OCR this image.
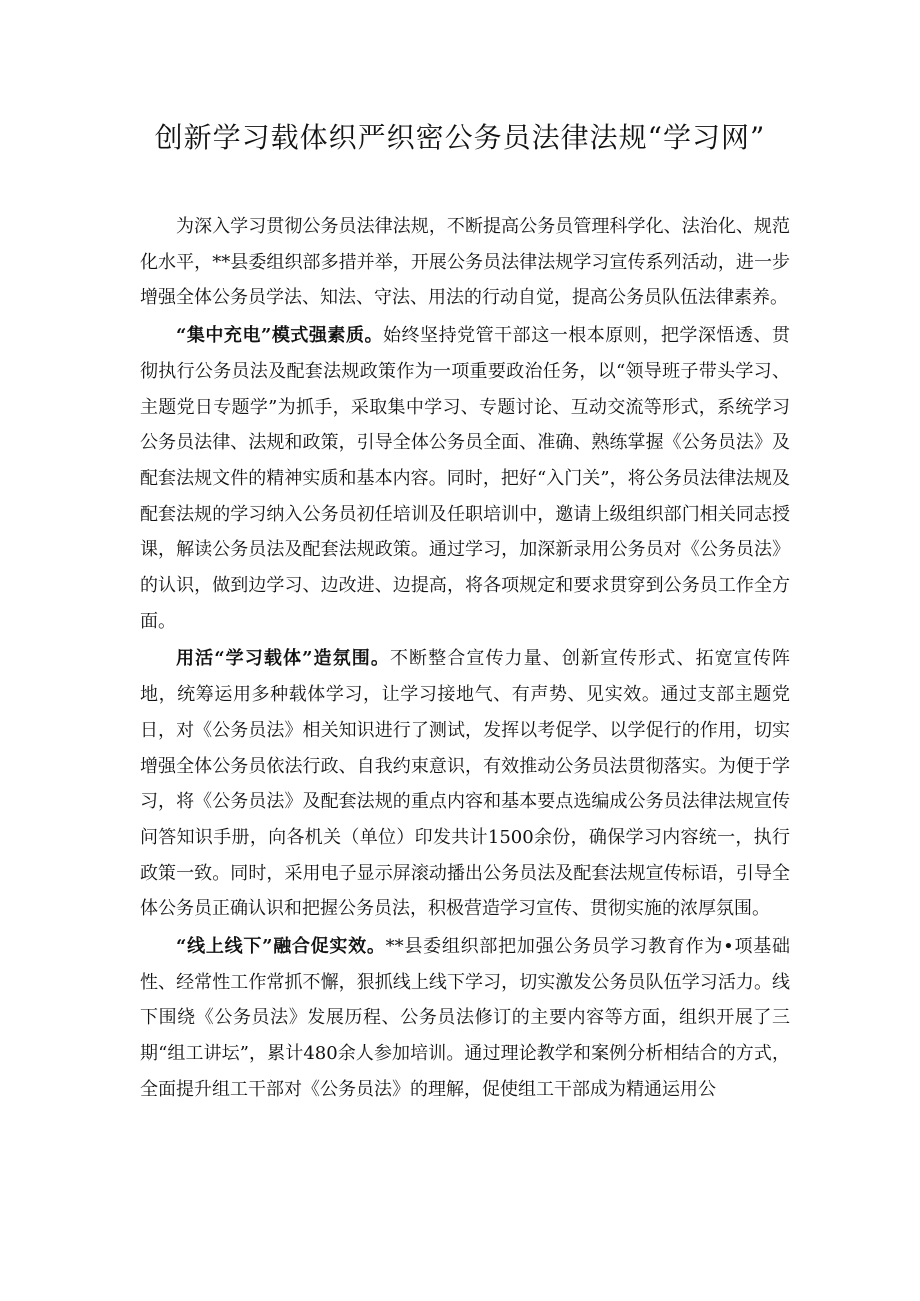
创新学习载体织严织密公务员法律法规“学习网”

为深入学习贯彻公务员法律法规，不断提高公务员管理科学化、法治化、规范化水平，**县委组织部多措并举，开展公务员法律法规学习宣传系列活动，进一步增强全体公务员学法、知法、守法、用法的行动自觉，提高公务员队伍法律素养。

“集中充电”模式强素质。始终坚持党管干部这一根本原则，把学深悟透、贯彻执行公务员法及配套法规政策作为一项重要政治任务，以“领导班子带头学习、主题党日专题学”为抓手，采取集中学习、专题讨论、互动交流等形式，系统学习公务员法律、法规和政策，引导全体公务员全面、准确、熟练掌握《公务员法》及配套法规文件的精神实质和基本内容。同时，把好“入门关”，将公务员法律法规及配套法规的学习纳入公务员初任培训及任职培训中，邀请上级组织部门相关同志授课，解读公务员法及配套法规政策。通过学习，加深新录用公务员对《公务员法》的认识，做到边学习、边改进、边提高，将各项规定和要求贯穿到公务员工作全方面。

用活“学习载体”造氛围。不断整合宣传力量、创新宣传形式、拓宽宣传阵地，统筹运用多种载体学习，让学习接地气、有声势、见实效。通过支部主题党日，对《公务员法》相关知识进行了测试，发挥以考促学、以学促行的作用，切实增强全体公务员依法行政、自我约束意识，有效推动公务员法贯彻落实。为便于学习，将《公务员法》及配套法规的重点内容和基本要点选编成公务员法律法规宣传问答知识手册，向各机关（单位）印发共计1500余份，确保学习内容统一，执行政策一致。同时，采用电子显示屏滚动播出公务员法及配套法规宣传标语，引导全体公务员正确认识和把握公务员法，积极营造学习宣传、贯彻实施的浓厚氛围。

“线上线下”融合促实效。**县委组织部把加强公务员学习教育作为•项基础性、经常性工作常抓不懈，狠抓线上线下学习，切实激发公务员队伍学习活力。线下围绕《公务员法》发展历程、公务员法修订的主要内容等方面，组织开展了三期“组工讲坛”，累计480余人参加培训。通过理论教学和案例分析相结合的方式，全面提升组工干部对《公务员法》的理解，促使组工干部成为精通运用公
